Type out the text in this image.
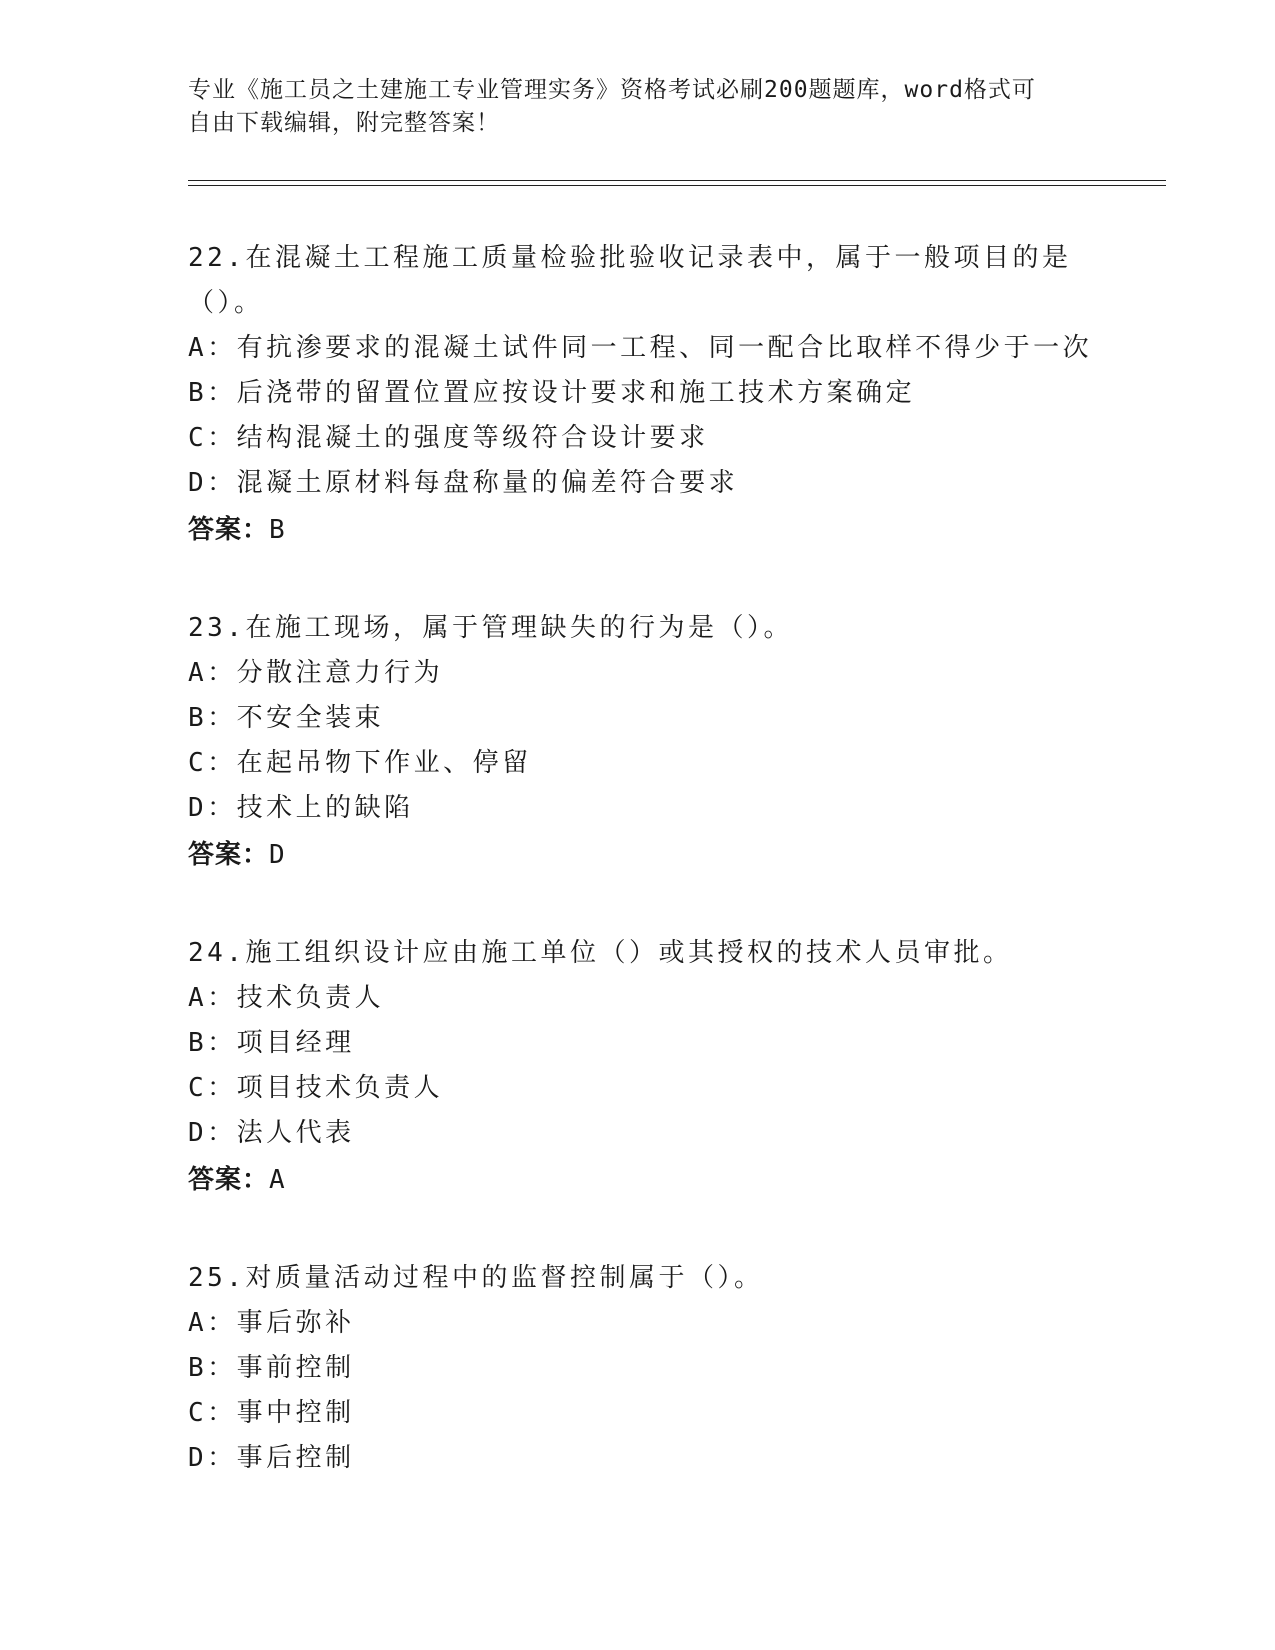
专业《施工员之土建施工专业管理实务》资格考试必刷200题题库，word格式可
自由下载编辑，附完整答案！

22.在混凝土工程施工质量检验批验收记录表中，属于一般项目的是（）。

A：有抗渗要求的混凝土试件同一工程、同一配合比取样不得少于一次

B：后浇带的留置位置应按设计要求和施工技术方案确定

C：结构混凝土的强度等级符合设计要求

D：混凝土原材料每盘称量的偏差符合要求

答案：B

23.在施工现场，属于管理缺失的行为是（）。

A：分散注意力行为

B：不安全装束

C：在起吊物下作业、停留

D：技术上的缺陷

答案：D

24.施工组织设计应由施工单位（）或其授权的技术人员审批。

A：技术负责人

B：项目经理

C：项目技术负责人

D：法人代表

答案：A

25.对质量活动过程中的监督控制属于（）。

A：事后弥补

B：事前控制

C：事中控制

D：事后控制
